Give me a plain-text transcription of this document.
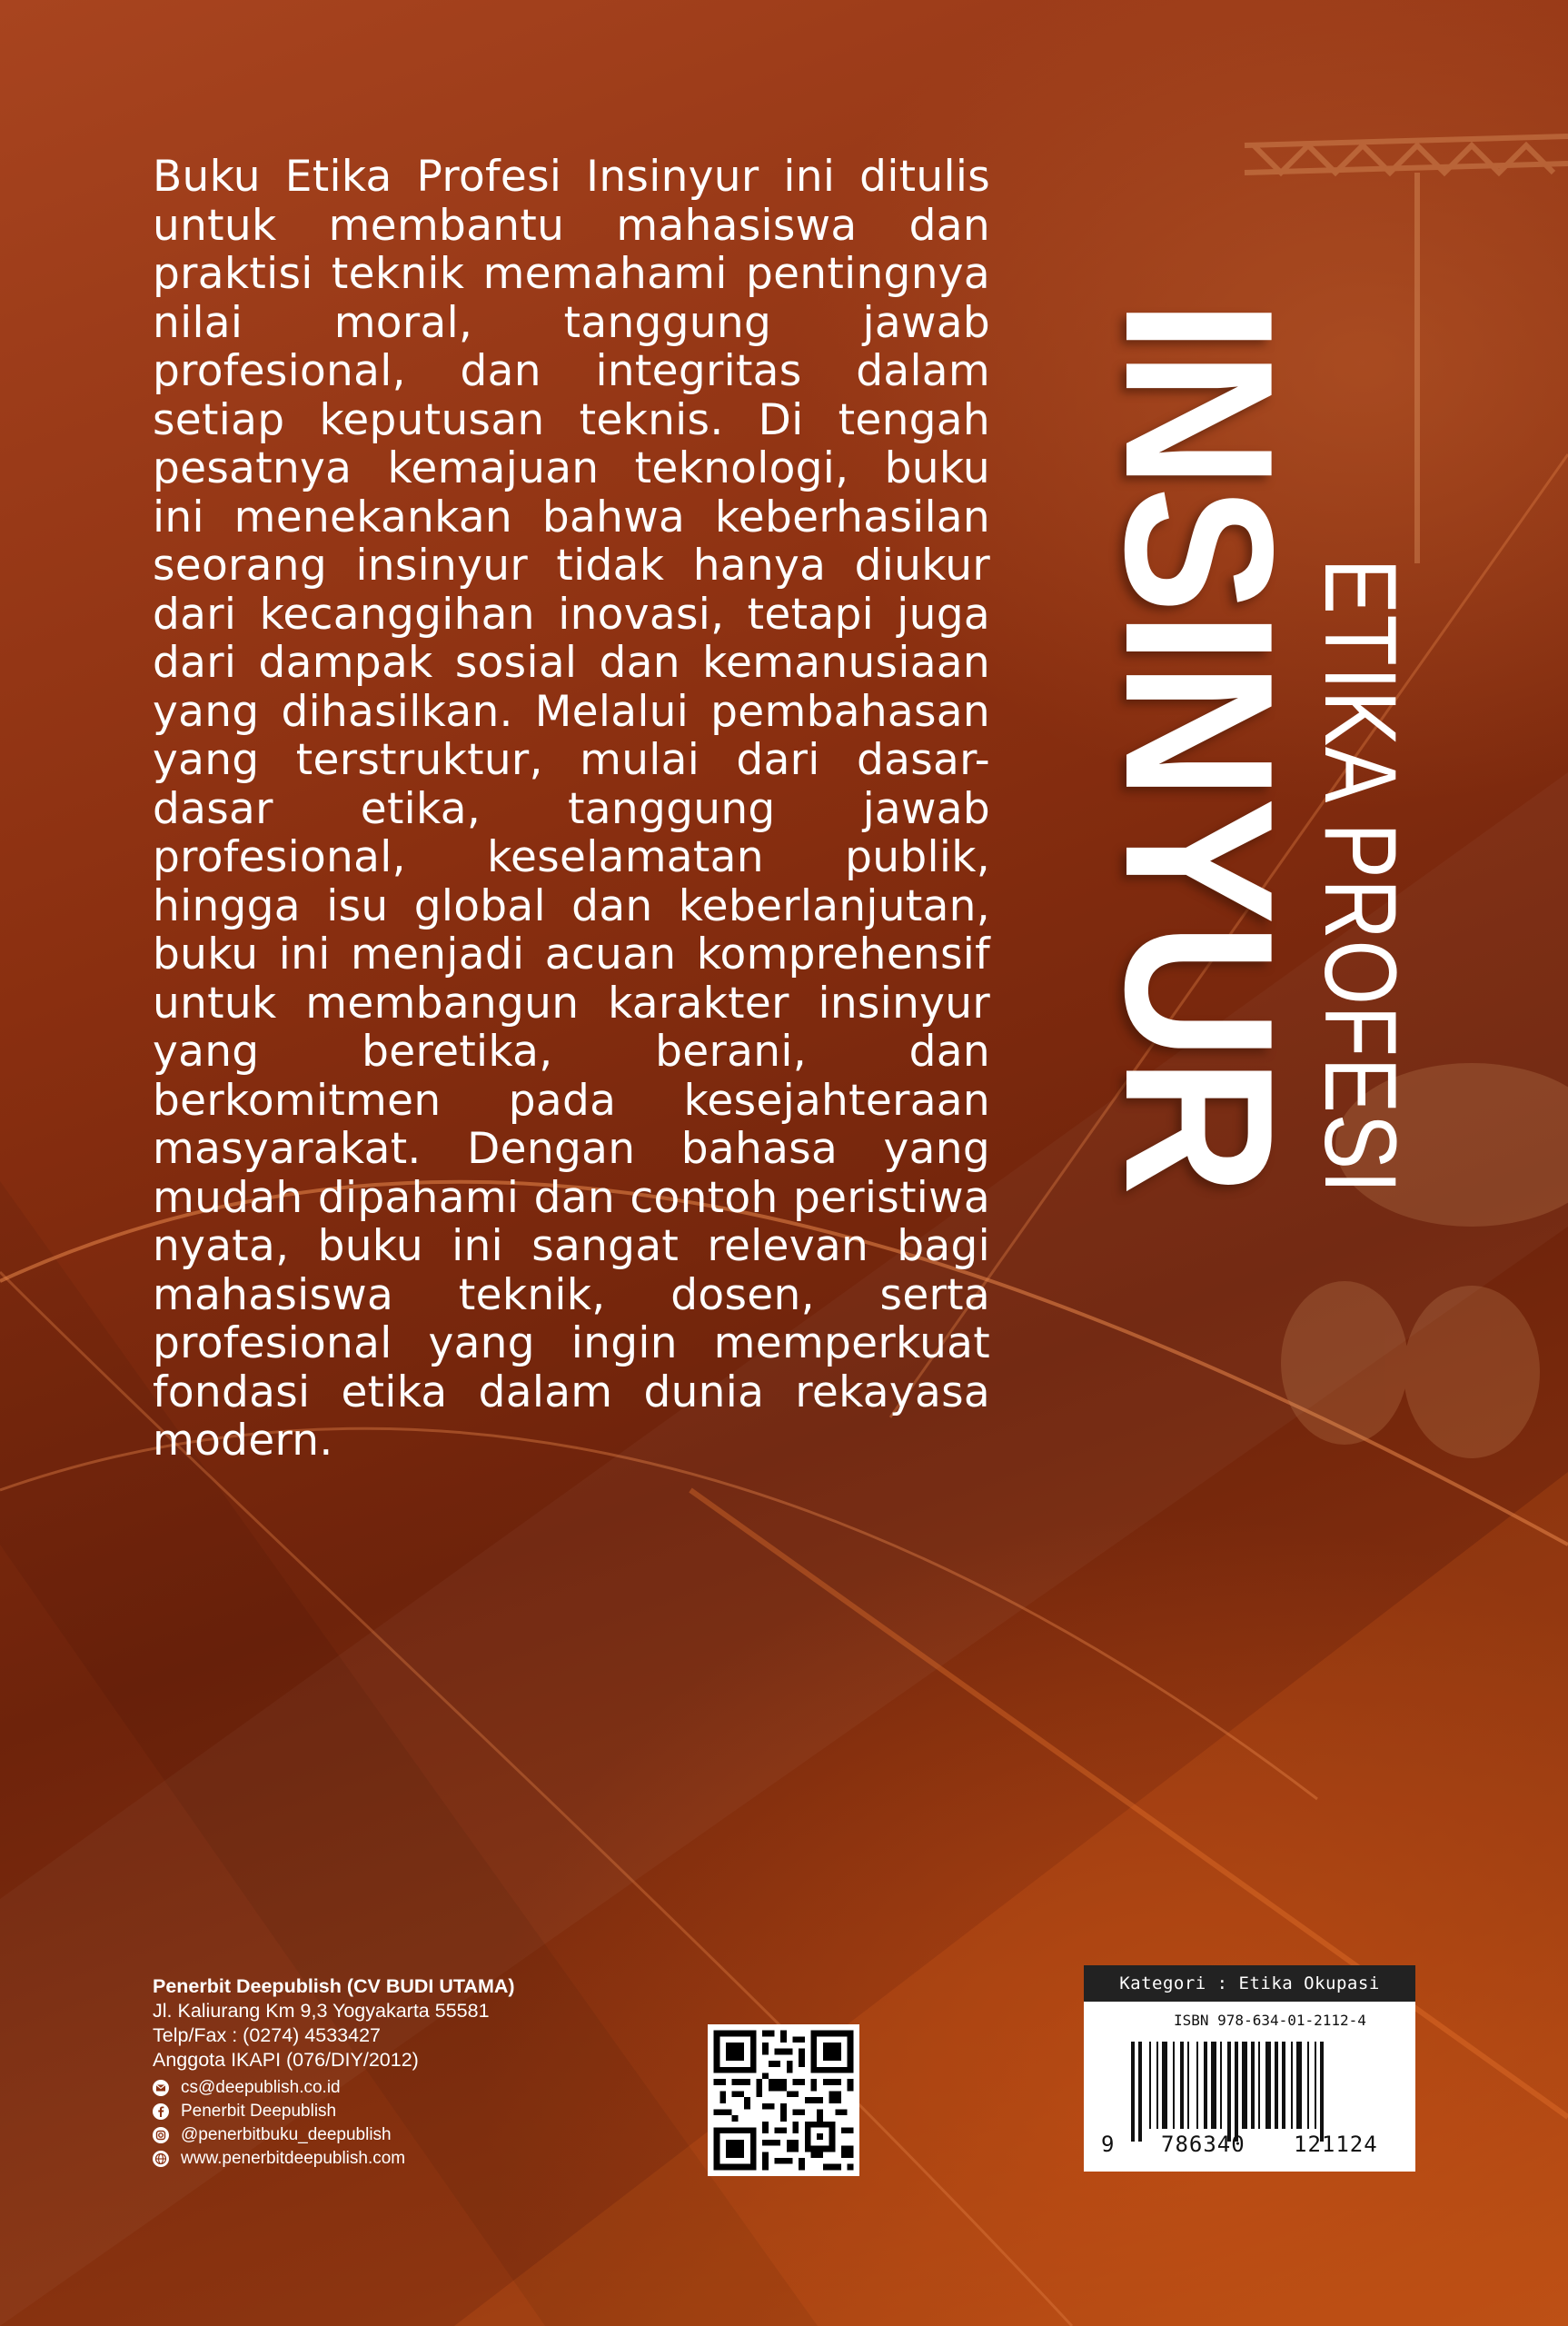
Buku Etika Profesi Insinyur ini ditulis untuk membantu mahasiswa dan praktisi teknik memahami pentingnya nilai moral, tanggung jawab profesional, dan integritas dalam setiap keputusan teknis. Di tengah pesatnya kemajuan teknologi, buku ini menekankan bahwa keberhasilan seorang insinyur tidak hanya diukur dari kecanggihan inovasi, tetapi juga dari dampak sosial dan kemanusiaan yang dihasilkan. Melalui pembahasan yang terstruktur, mulai dari dasar-dasar etika, tanggung jawab profesional, keselamatan publik, hingga isu global dan keberlanjutan, buku ini menjadi acuan komprehensif untuk membangun karakter insinyur yang beretika, berani, dan berkomitmen pada kesejahteraan masyarakat. Dengan bahasa yang mudah dipahami dan contoh peristiwa nyata, buku ini sangat relevan bagi mahasiswa teknik, dosen, serta profesional yang ingin memperkuat fondasi etika dalam dunia rekayasa modern.

ETIKA PROFESI
INSINYUR
Penerbit Deepublish (CV BUDI UTAMA)
Jl. Kaliurang Km 9,3 Yogyakarta 55581
Telp/Fax : (0274) 4533427
Anggota IKAPI (076/DIY/2012)
cs@deepublish.co.id
Penerbit Deepublish
@penerbitbuku_deepublish
www.penerbitdeepublish.com
Kategori : Etika Okupasi
ISBN 978-634-01-2112-4
9 786340 121124
